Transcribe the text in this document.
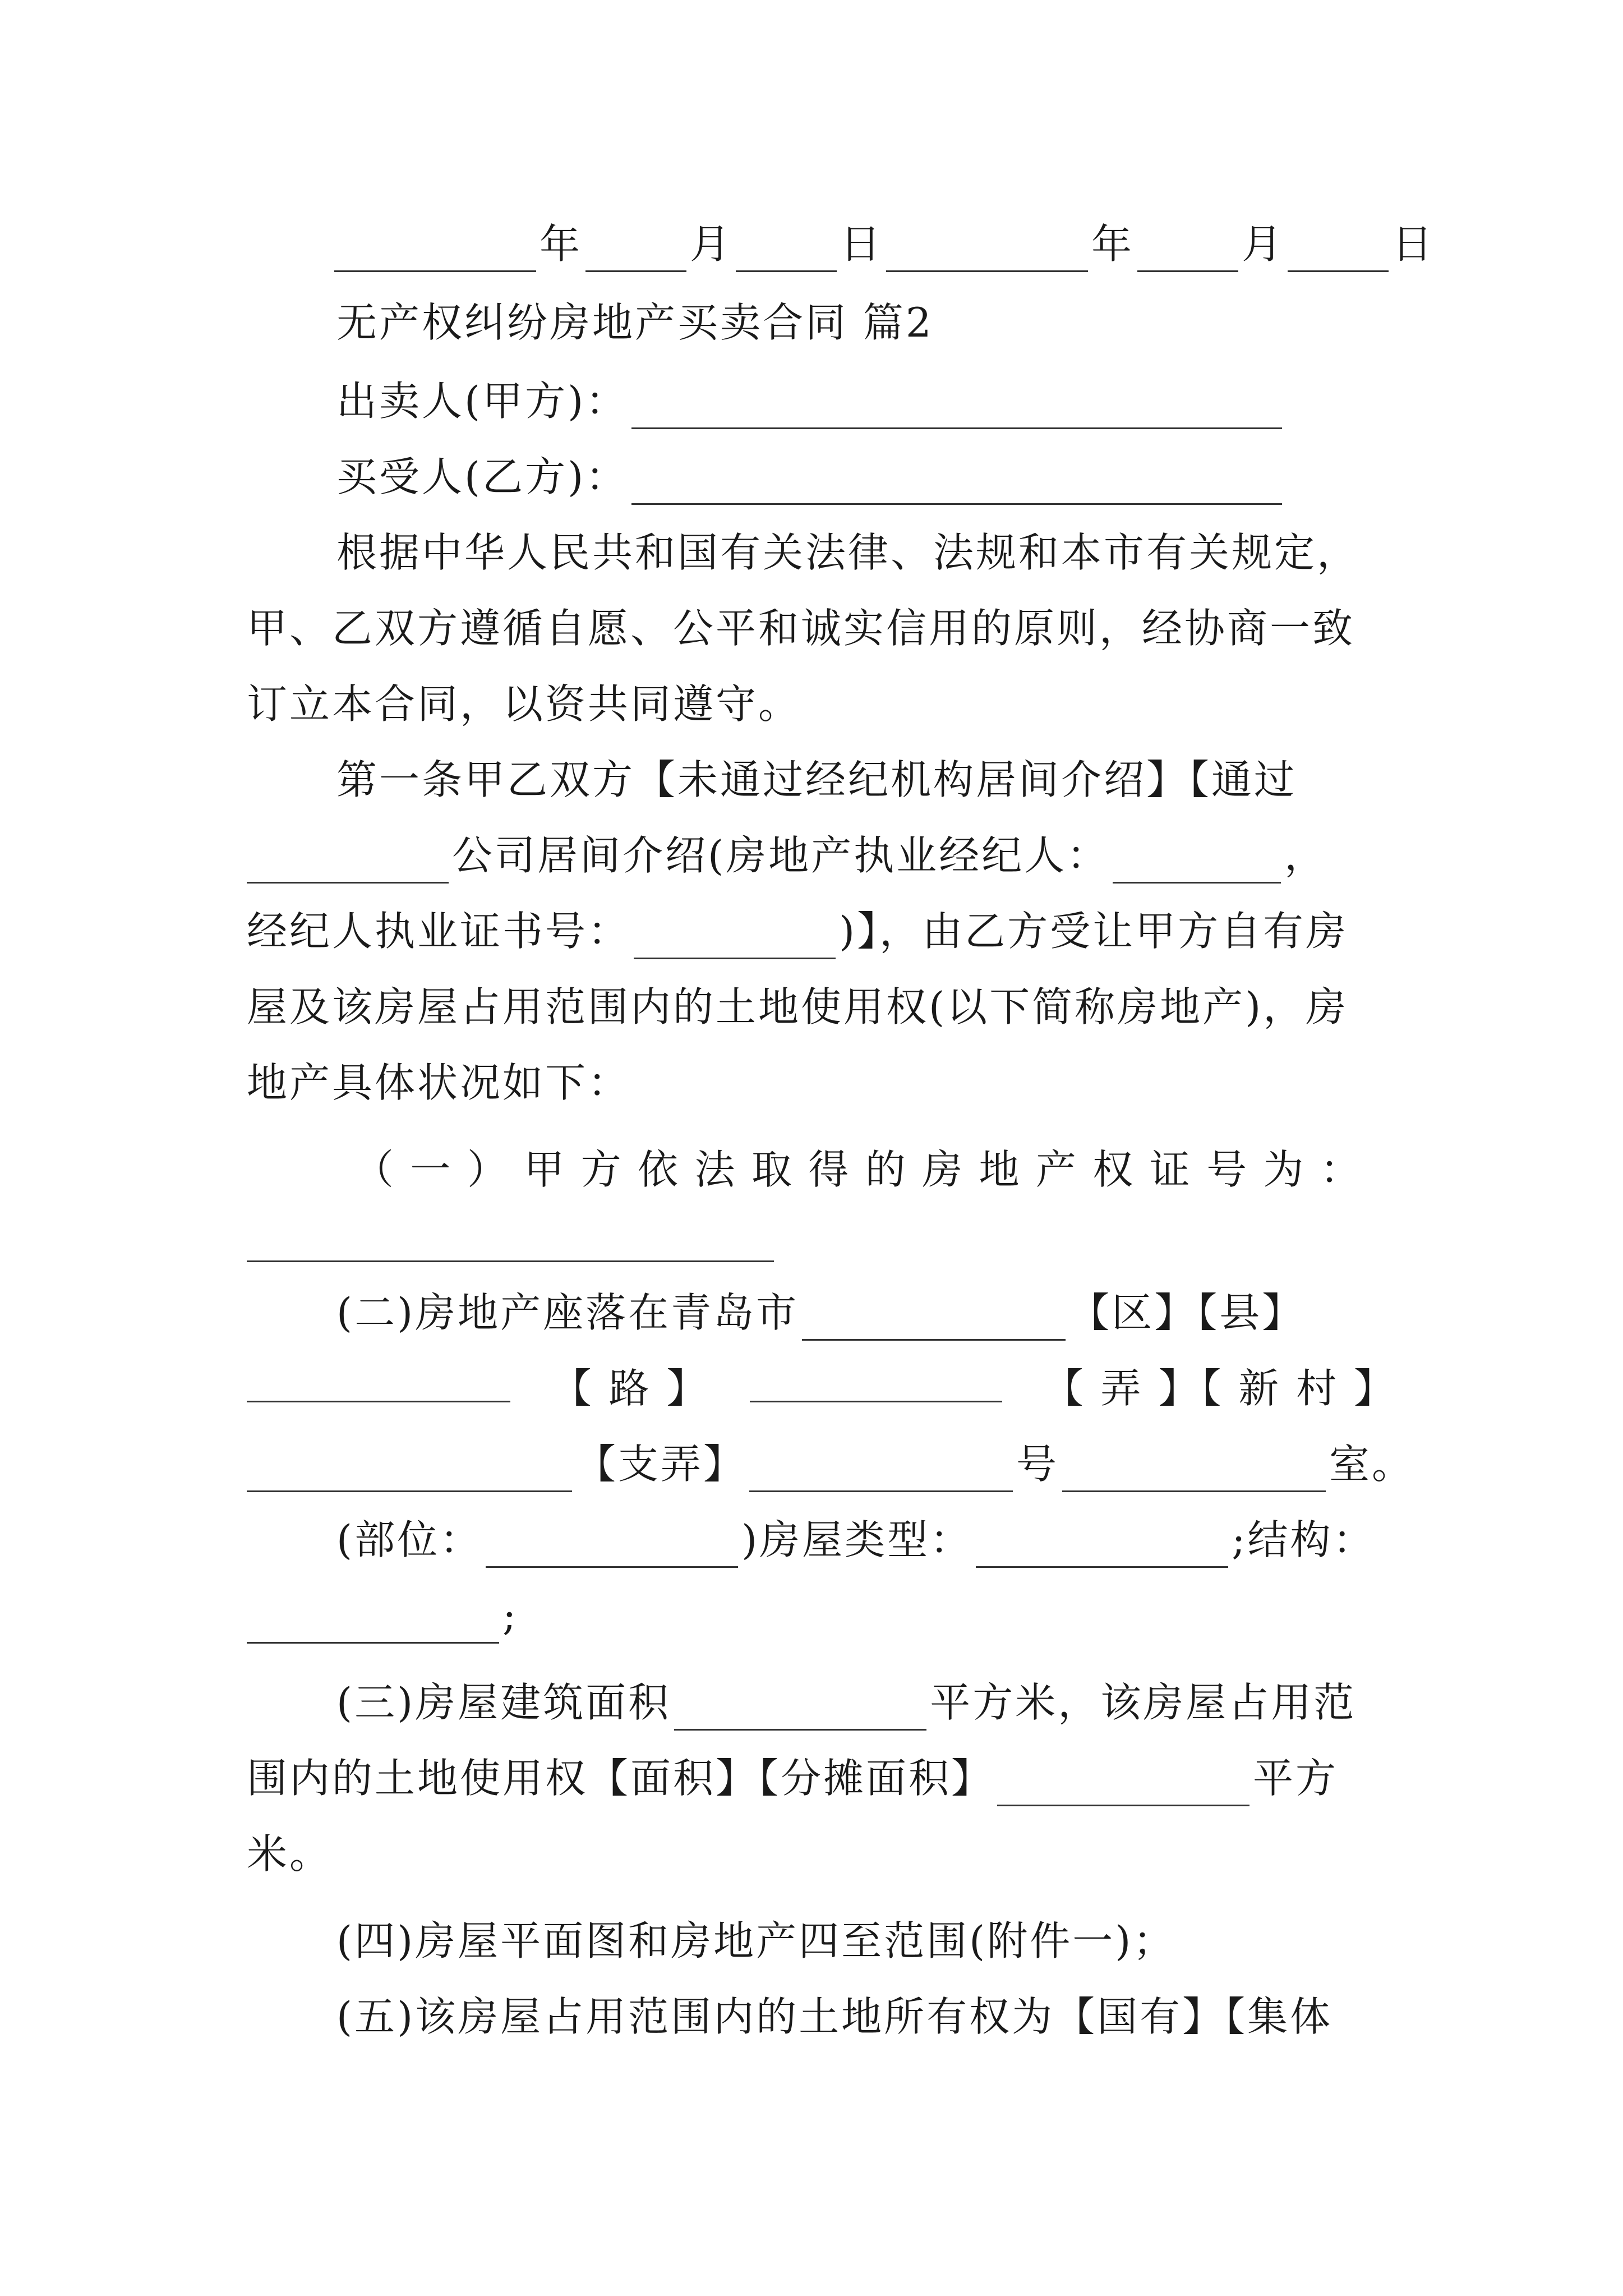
年	月	日	年	月	日
无产权纠纷房地产买卖合同 篇2
出卖人(甲方)：
买受人(乙方)：
根据中华人民共和国有关法律、法规和本市有关规定，
甲、乙双方遵循自愿、公平和诚实信用的原则，经协商一致
订立本合同，以资共同遵守。
第一条甲乙双方【未通过经纪机构居间介绍】【通过
公司居间介绍(房地产执业经纪人：	，
经纪人执业证书号：	)】，由乙方受让甲方自有房
屋及该房屋占用范围内的土地使用权(以下简称房地产)，房
地产具体状况如下：
（ 一 ） 甲 方 依 法 取 得 的 房 地 产 权 证 号 为 ：
(二)房地产座落在青岛市	【区】【县】
【 路 】	【 弄 】【 新 村 】
【支弄】	号	室。
(部位：	)房屋类型：	;结构：
;
(三)房屋建筑面积	平方米，该房屋占用范
围内的土地使用权【面积】【分摊面积】	平方
米。
(四)房屋平面图和房地产四至范围(附件一)；
(五)该房屋占用范围内的土地所有权为【国有】【集体
